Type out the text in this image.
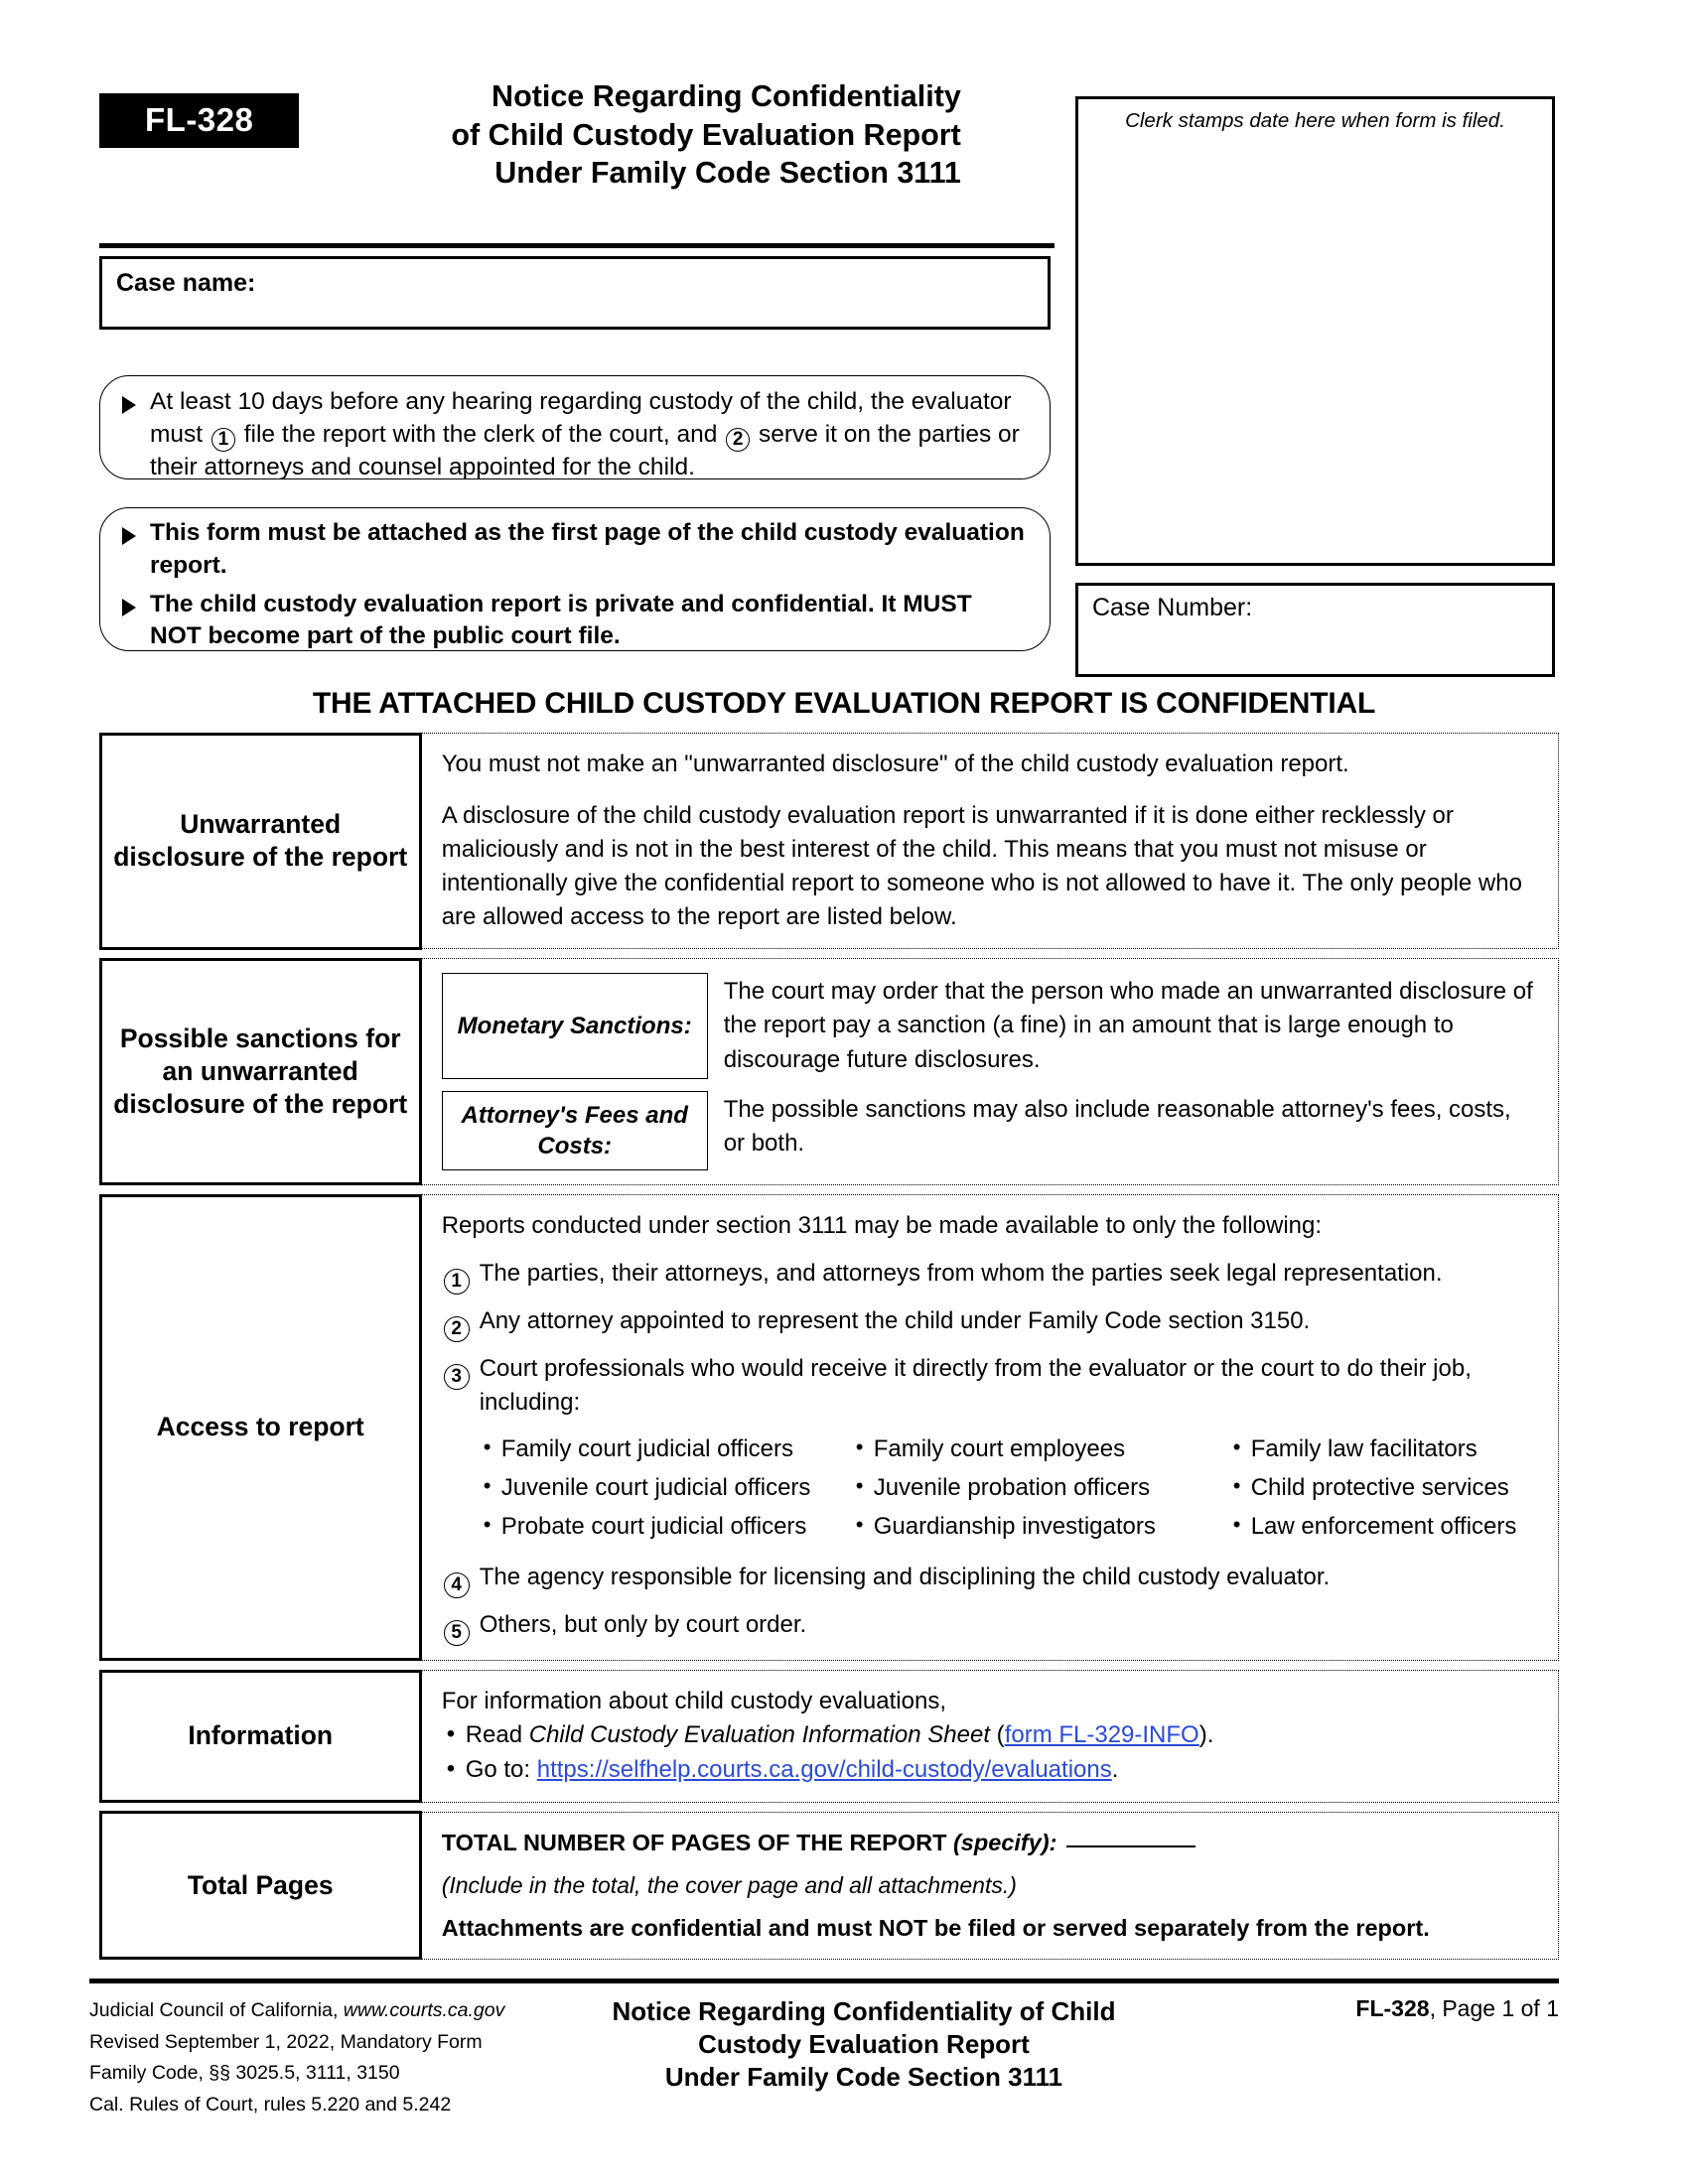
FL-328
Notice Regarding Confidentiality
of Child Custody Evaluation Report
Under Family Code Section 3111
Case name:
At least 10 days before any hearing regarding custody of the child, the evaluator must 1 file the report with the clerk of the court, and 2 serve it on the parties or their attorneys and counsel appointed for the child.
This form must be attached as the first page of the child custody evaluation report.
The child custody evaluation report is private and confidential. It MUST NOT become part of the public court file.
Clerk stamps date here when form is filed.
Case Number:
THE ATTACHED CHILD CUSTODY EVALUATION REPORT IS CONFIDENTIAL
Unwarranted disclosure of the report

You must not make an "unwarranted disclosure" of the child custody evaluation report.

A disclosure of the child custody evaluation report is unwarranted if it is done either recklessly or maliciously and is not in the best interest of the child. This means that you must not misuse or intentionally give the confidential report to someone who is not allowed to have it. The only people who are allowed access to the report are listed below.

Possible sanctions for an unwarranted disclosure of the report
Monetary Sanctions:
The court may order that the person who made an unwarranted disclosure of the report pay a sanction (a fine) in an amount that is large enough to discourage future disclosures.
Attorney's Fees and Costs:
The possible sanctions may also include reasonable attorney's fees, costs, or both.
Access to report
Reports conducted under section 3111 may be made available to only the following:
1 The parties, their attorneys, and attorneys from whom the parties seek legal representation.
2 Any attorney appointed to represent the child under Family Code section 3150.
3 Court professionals who would receive it directly from the evaluator or the court to do their job, including:
• Family court judicial officers
• Juvenile court judicial officers
• Probate court judicial officers
• Family court employees
• Juvenile probation officers
• Guardianship investigators
• Family law facilitators
• Child protective services
• Law enforcement officers
4 The agency responsible for licensing and disciplining the child custody evaluator.
5 Others, but only by court order.
Information
For information about child custody evaluations,
• Read Child Custody Evaluation Information Sheet (form FL-329-INFO).
• Go to: https://selfhelp.courts.ca.gov/child-custody/evaluations.
Total Pages
TOTAL NUMBER OF PAGES OF THE REPORT (specify):
(Include in the total, the cover page and all attachments.)
Attachments are confidential and must NOT be filed or served separately from the report.
Judicial Council of California, www.courts.ca.gov
Revised September 1, 2022, Mandatory Form
Family Code, §§ 3025.5, 3111, 3150
Cal. Rules of Court, rules 5.220 and 5.242
Notice Regarding Confidentiality of Child
Custody Evaluation Report
Under Family Code Section 3111
FL-328, Page 1 of 1
